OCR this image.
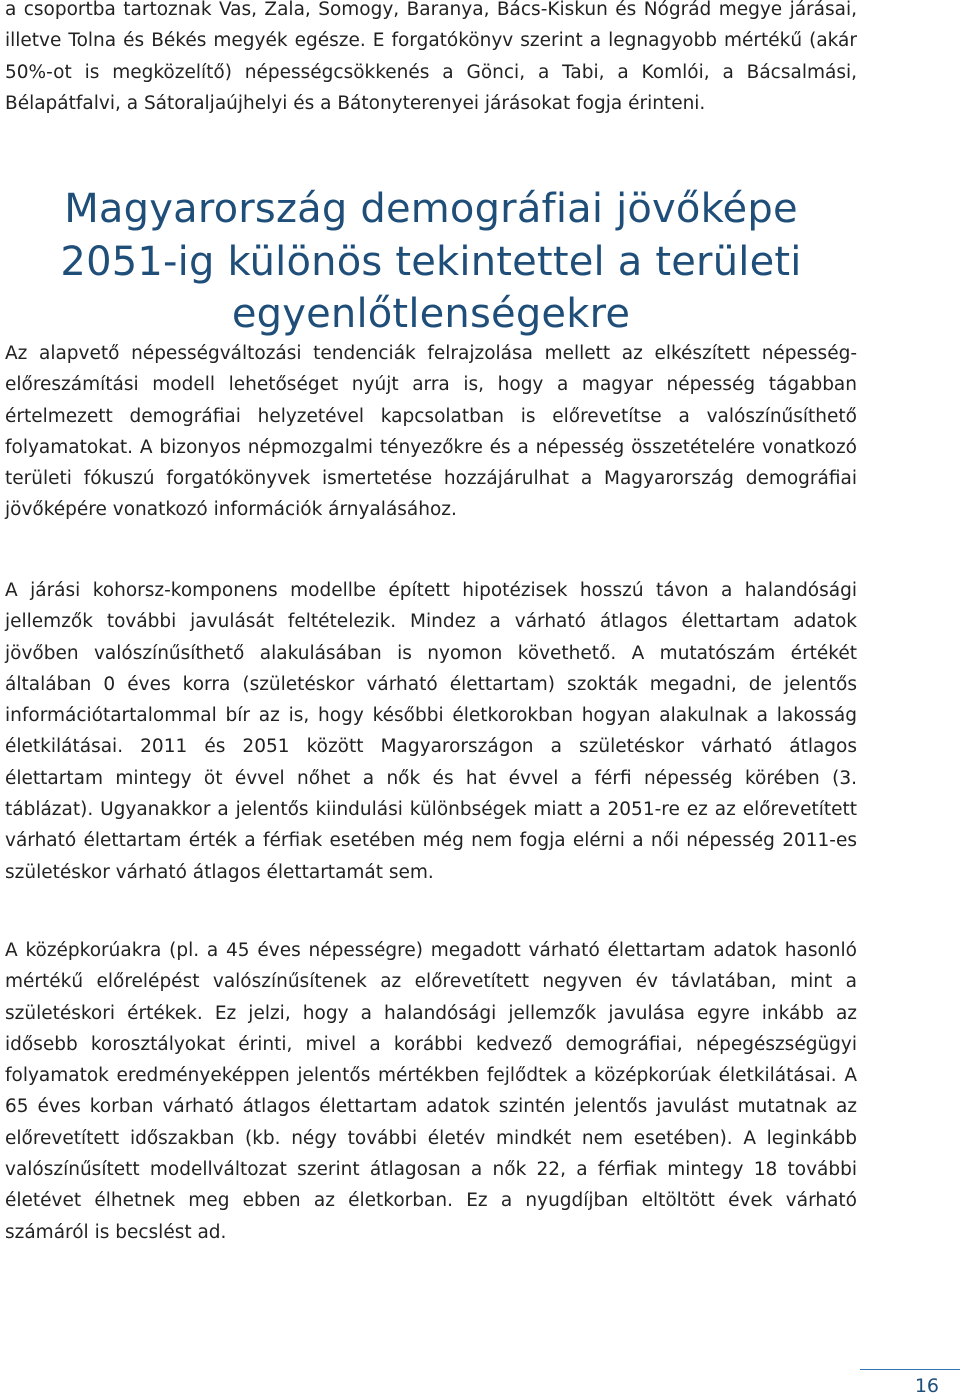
a csoportba tartoznak Vas, Zala, Somogy, Baranya, Bács-Kiskun és Nógrád megye járásai, illetve Tolna és Békés megyék egésze. E forgatókönyv szerint a legnagyobb mértékű (akár 50%-ot is megközelítő) népességcsökkenés a Gönci, a Tabi, a Komlói, a Bácsalmási, Bélapátfalvi, a Sátoraljaújhelyi és a Bátonyterenyei járásokat fogja érinteni.

Magyarország demográfiai jövőképe 2051-ig különös tekintettel a területi egyenlőtlenségekre

Az alapvető népességváltozási tendenciák felrajzolása mellett az elkészített népesség-előreszámítási modell lehetőséget nyújt arra is, hogy a magyar népesség tágabban értelmezett demográfiai helyzetével kapcsolatban is előrevetítse a valószínűsíthető folyamatokat. A bizonyos népmozgalmi tényezőkre és a népesség összetételére vonatkozó területi fókuszú forgatókönyvek ismertetése hozzájárulhat a Magyarország demográfiai jövőképére vonatkozó információk árnyalásához.

A járási kohorsz-komponens modellbe épített hipotézisek hosszú távon a halandósági jellemzők további javulását feltételezik. Mindez a várható átlagos élettartam adatok jövőben valószínűsíthető alakulásában is nyomon követhető. A mutatószám értékét általában 0 éves korra (születéskor várható élettartam) szokták megadni, de jelentős információtartalommal bír az is, hogy későbbi életkorokban hogyan alakulnak a lakosság életkilátásai. 2011 és 2051 között Magyarországon a születéskor várható átlagos élettartam mintegy öt évvel nőhet a nők és hat évvel a férfi népesség körében (3. táblázat). Ugyanakkor a jelentős kiindulási különbségek miatt a 2051-re ez az előrevetített várható élettartam érték a férfiak esetében még nem fogja elérni a női népesség 2011-es születéskor várható átlagos élettartamát sem.

A középkorúakra (pl. a 45 éves népességre) megadott várható élettartam adatok hasonló mértékű előrelépést valószínűsítenek az előrevetített negyven év távlatában, mint a születéskori értékek. Ez jelzi, hogy a halandósági jellemzők javulása egyre inkább az idősebb korosztályokat érinti, mivel a korábbi kedvező demográfiai, népegészségügyi folyamatok eredményeképpen jelentős mértékben fejlődtek a középkorúak életkilátásai. A 65 éves korban várható átlagos élettartam adatok szintén jelentős javulást mutatnak az előrevetített időszakban (kb. négy további életév mindkét nem esetében). A leginkább valószínűsített modellváltozat szerint átlagosan a nők 22, a férfiak mintegy 18 további életévet élhetnek meg ebben az életkorban. Ez a nyugdíjban eltöltött évek várható számáról is becslést ad.

16
